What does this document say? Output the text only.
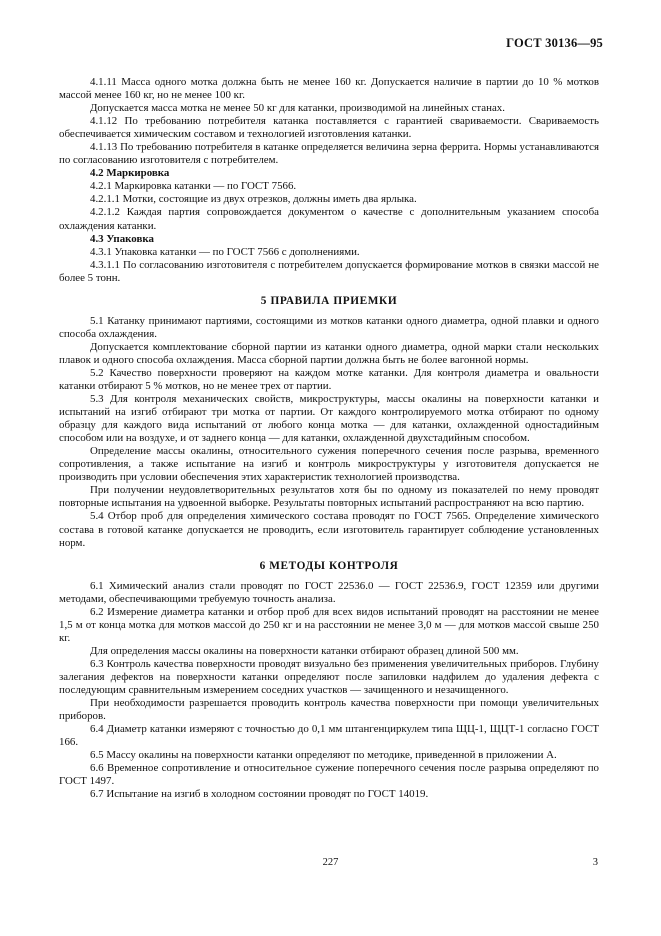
ГОСТ 30136—95

4.1.11 Масса одного мотка должна быть не менее 160 кг. Допускается наличие в партии до 10 % мотков массой менее 160 кг, но не менее 100 кг.

Допускается масса мотка не менее 50 кг для катанки, производимой на линейных станах.

4.1.12 По требованию потребителя катанка поставляется с гарантией свариваемости. Свариваемость обеспечивается химическим составом и технологией изготовления катанки.

4.1.13 По требованию потребителя в катанке определяется величина зерна феррита. Нормы устанавливаются по согласованию изготовителя с потребителем.

4.2 Маркировка

4.2.1 Маркировка катанки — по ГОСТ 7566.

4.2.1.1 Мотки, состоящие из двух отрезков, должны иметь два ярлыка.

4.2.1.2 Каждая партия сопровождается документом о качестве с дополнительным указанием способа охлаждения катанки.

4.3 Упаковка

4.3.1 Упаковка катанки — по ГОСТ 7566 с дополнениями.

4.3.1.1 По согласованию изготовителя с потребителем допускается формирование мотков в связки массой не более 5 тонн.

5 ПРАВИЛА ПРИЕМКИ

5.1 Катанку принимают партиями, состоящими из мотков катанки одного диаметра, одной плавки и одного способа охлаждения.

Допускается комплектование сборной партии из катанки одного диаметра, одной марки стали нескольких плавок и одного способа охлаждения. Масса сборной партии должна быть не более вагонной нормы.

5.2 Качество поверхности проверяют на каждом мотке катанки. Для контроля диаметра и овальности катанки отбирают 5 % мотков, но не менее трех от партии.

5.3 Для контроля механических свойств, микроструктуры, массы окалины на поверхности катанки и испытаний на изгиб отбирают три мотка от партии. От каждого контролируемого мотка отбирают по одному образцу для каждого вида испытаний от любого конца мотка — для катанки, охлажденной одностадийным способом или на воздухе, и от заднего конца — для катанки, охлажденной двухстадийным способом.

Определение массы окалины, относительного сужения поперечного сечения после разрыва, временного сопротивления, а также испытание на изгиб и контроль микроструктуры у изготовителя допускается не производить при условии обеспечения этих характеристик технологией производства.

При получении неудовлетворительных результатов хотя бы по одному из показателей по нему проводят повторные испытания на удвоенной выборке. Результаты повторных испытаний распространяют на всю партию.

5.4 Отбор проб для определения химического состава проводят по ГОСТ 7565. Определение химического состава в готовой катанке допускается не проводить, если изготовитель гарантирует соблюдение установленных норм.

6 МЕТОДЫ КОНТРОЛЯ

6.1 Химический анализ стали проводят по ГОСТ 22536.0 — ГОСТ 22536.9, ГОСТ 12359 или другими методами, обеспечивающими требуемую точность анализа.

6.2 Измерение диаметра катанки и отбор проб для всех видов испытаний проводят на расстоянии не менее 1,5 м от конца мотка для мотков массой до 250 кг и на расстоянии не менее 3,0 м — для мотков массой свыше 250 кг.

Для определения массы окалины на поверхности катанки отбирают образец длиной 500 мм.

6.3 Контроль качества поверхности проводят визуально без применения увеличительных приборов. Глубину залегания дефектов на поверхности катанки определяют после запиловки надфилем до удаления дефекта с последующим сравнительным измерением соседних участков — зачищенного и незачищенного.

При необходимости разрешается проводить контроль качества поверхности при помощи увеличительных приборов.

6.4 Диаметр катанки измеряют с точностью до 0,1 мм штангенциркулем типа ЩЦ-1, ЩЦТ-1 согласно ГОСТ 166.

6.5 Массу окалины на поверхности катанки определяют по методике, приведенной в приложении А.

6.6 Временное сопротивление и относительное сужение поперечного сечения после разрыва определяют по ГОСТ 1497.

6.7 Испытание на изгиб в холодном состоянии проводят по ГОСТ 14019.

227	3
